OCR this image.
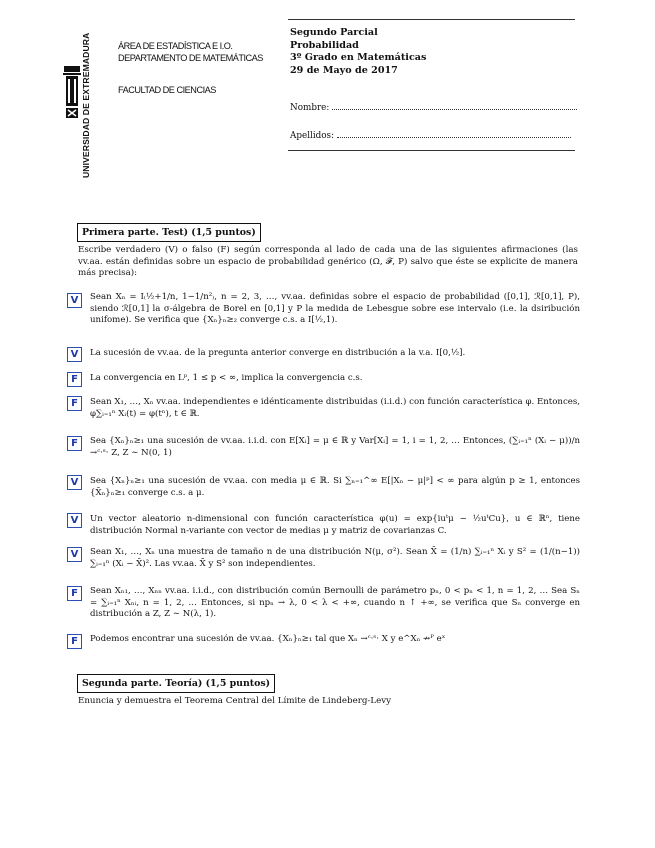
UNIVERSIDAD DE EXTREMADURA	ÁREA DE ESTADÍSTICA E I.O.
DEPARTAMENTO DE MATEMÁTICAS
FACULTAD DE CIENCIAS
Segundo Parcial
Probabilidad
3º Grado en Matemáticas
29 de Mayo de 2017
Nombre:
Apellidos:
Primera parte. Test) (1,5 puntos)
Escribe verdadero (V) o falso (F) según corresponda al lado de cada una de las siguientes afirmaciones (las vv.aa. están definidas sobre un espacio de probabilidad genérico (Ω, 𝓕, P) salvo que éste se explicite de manera más precisa):
V	Sean Xₙ = I₍½+1/n, 1−1/n²₎, n = 2, 3, …, vv.aa. definidas sobre el espacio de probabilidad ([0,1], ℛ[0,1], P), siendo ℛ[0,1] la σ-álgebra de Borel en [0,1] y P la medida de Lebesgue sobre ese intervalo (i.e. la dsiribución unifome). Se verifica que {Xₙ}ₙ≥₂ converge c.s. a I[½,1).
V	La sucesión de vv.aa. de la pregunta anterior converge en distribución a la v.a. I[0,½].
F	La convergencia en Lᵖ, 1 ≤ p < ∞, implica la convergencia c.s.
F	Sean X₁, …, Xₙ vv.aa. independientes e idénticamente distribuidas (i.i.d.) con función característica φ. Entonces, φ∑ᵢ₌₁ⁿ Xᵢ(t) = φ(tⁿ), t ∈ ℝ.
F	Sea {Xₙ}ₙ≥₁ una sucesión de vv.aa. i.i.d. con E[Xᵢ] = μ ∈ ℝ y Var[Xᵢ] = 1, i = 1, 2, … Entonces, (∑ᵢ₌₁ⁿ (Xᵢ − μ))/n →ᶜ·ˢ· Z, Z ∼ N(0, 1)
V	Sea {Xₙ}ₙ≥₁ una sucesión de vv.aa. con media μ ∈ ℝ. Si ∑ₙ₌₁^∞ E[|Xₙ − μ|ᵖ] < ∞ para algún p ≥ 1, entonces {X̄ₙ}ₙ≥₁ converge c.s. a μ.
V	Un vector aleatorio n-dimensional con función característica φ(u) = exp{iuᵗμ − ½uᵗCu}, u ∈ ℝⁿ, tiene distribución Normal n-variante con vector de medias μ y matriz de covarianzas C.
V	Sean X₁, …, Xₙ una muestra de tamaño n de una distribución N(μ, σ²). Sean X̄ = (1/n) ∑ᵢ₌₁ⁿ Xᵢ y S² = (1/(n−1)) ∑ᵢ₌₁ⁿ (Xᵢ − X̄)². Las vv.aa. X̄ y S² son independientes.
F	Sean Xₙ₁, …, Xₙₙ vv.aa. i.i.d., con distribución común Bernoulli de parámetro pₙ, 0 < pₙ < 1, n = 1, 2, … Sea Sₙ = ∑ᵢ₌₁ⁿ Xₙᵢ, n = 1, 2, … Entonces, si npₙ → λ, 0 < λ < +∞, cuando n ↑ +∞, se verifica que Sₙ converge en distribución a Z, Z ∼ N(λ, 1).
F	Podemos encontrar una sucesión de vv.aa. {Xₙ}ₙ≥₁ tal que Xₙ →ᶜ·ˢ· X y e^Xₙ ↛ᴾ eˣ
Segunda parte. Teoría) (1,5 puntos)
Enuncia y demuestra el Teorema Central del Límite de Lindeberg-Levy
